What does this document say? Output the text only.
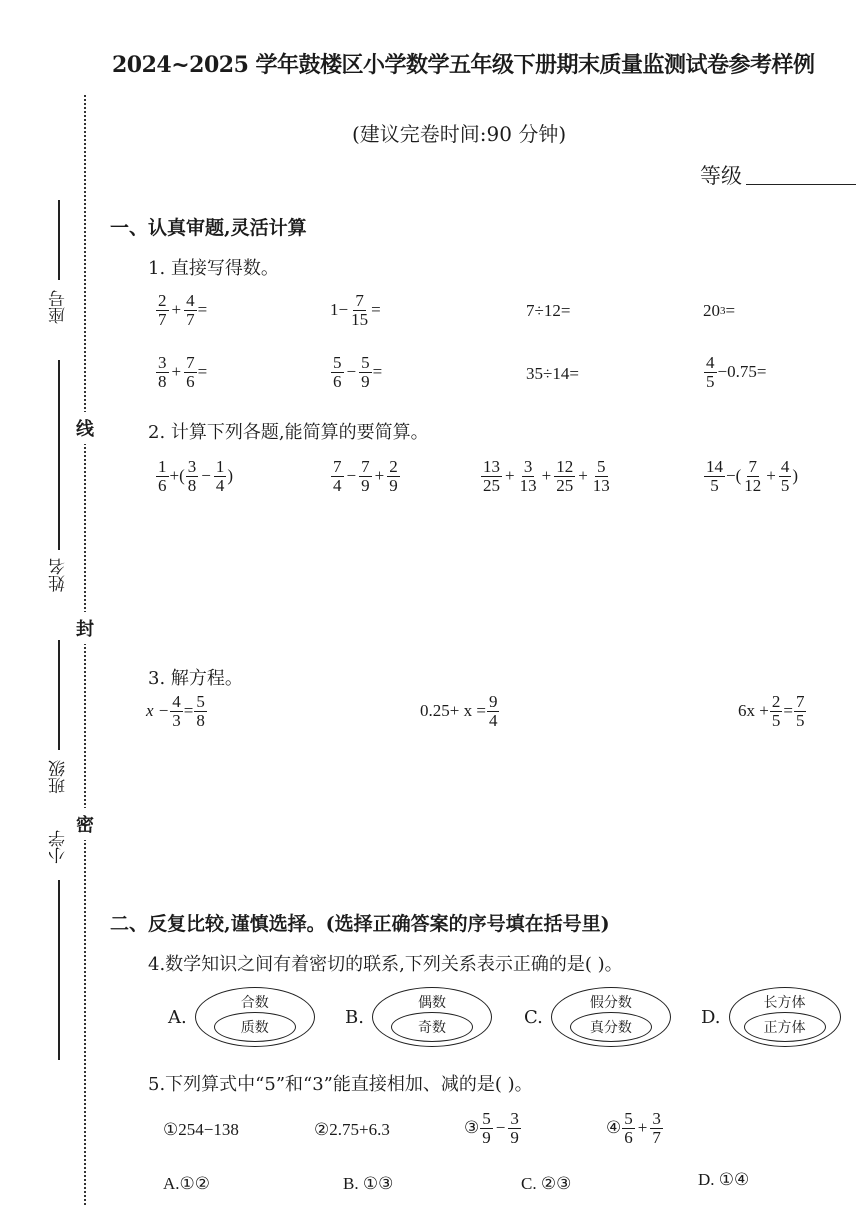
2024~2025 学年鼓楼区小学数学五年级下册期末质量监测试卷参考样例
(建议完卷时间:90 分钟)
等级
线
封
密
座号
姓名
班级
小学
一、认真审题,灵活计算
1. 直接写得数。
$\frac{2}{7} + \frac{4}{7}$ =	$1- \frac{7}{15}$ =	7÷12=	20 3 =
$\frac{3}{8} + \frac{7}{6}$ =	$\frac{5}{6} - \frac{5}{9}$ =	35÷14=	$\frac{4}{5} -0.75=$
2. 计算下列各题,能简算的要简算。
$\frac{1}{6}$ +( $\frac{3}{8} - \frac{1}{4}$ )	$\frac{7}{4} - \frac{7}{9} + \frac{2}{9}$	$\frac{13}{25} + \frac{3}{13} + \frac{12}{25} + \frac{5}{13}$	$\frac{14}{5}$ −( $\frac{7}{12} + \frac{4}{5}$ )
3. 解方程。
$x - \frac{4}{3} = \frac{5}{8}$	$0.25+ x = \frac{9}{4}$	$6x + \frac{2}{5} = \frac{7}{5}$
二、反复比较,谨慎选择。(选择正确答案的序号填在括号里)
4.数学知识之间有着密切的联系,下列关系表示正确的是( )。
A.
合数
质数
B.
偶数
奇数
C.
假分数
真分数
D.
长方体
正方体
5.下列算式中“5”和“3”能直接相加、减的是( )。
①254−138	②2.75+6.3	③ $\frac{5}{9} - \frac{3}{9}$	④ $\frac{5}{6} + \frac{3}{7}$
A.①②	B. ①③	C. ②③	D. ①④
